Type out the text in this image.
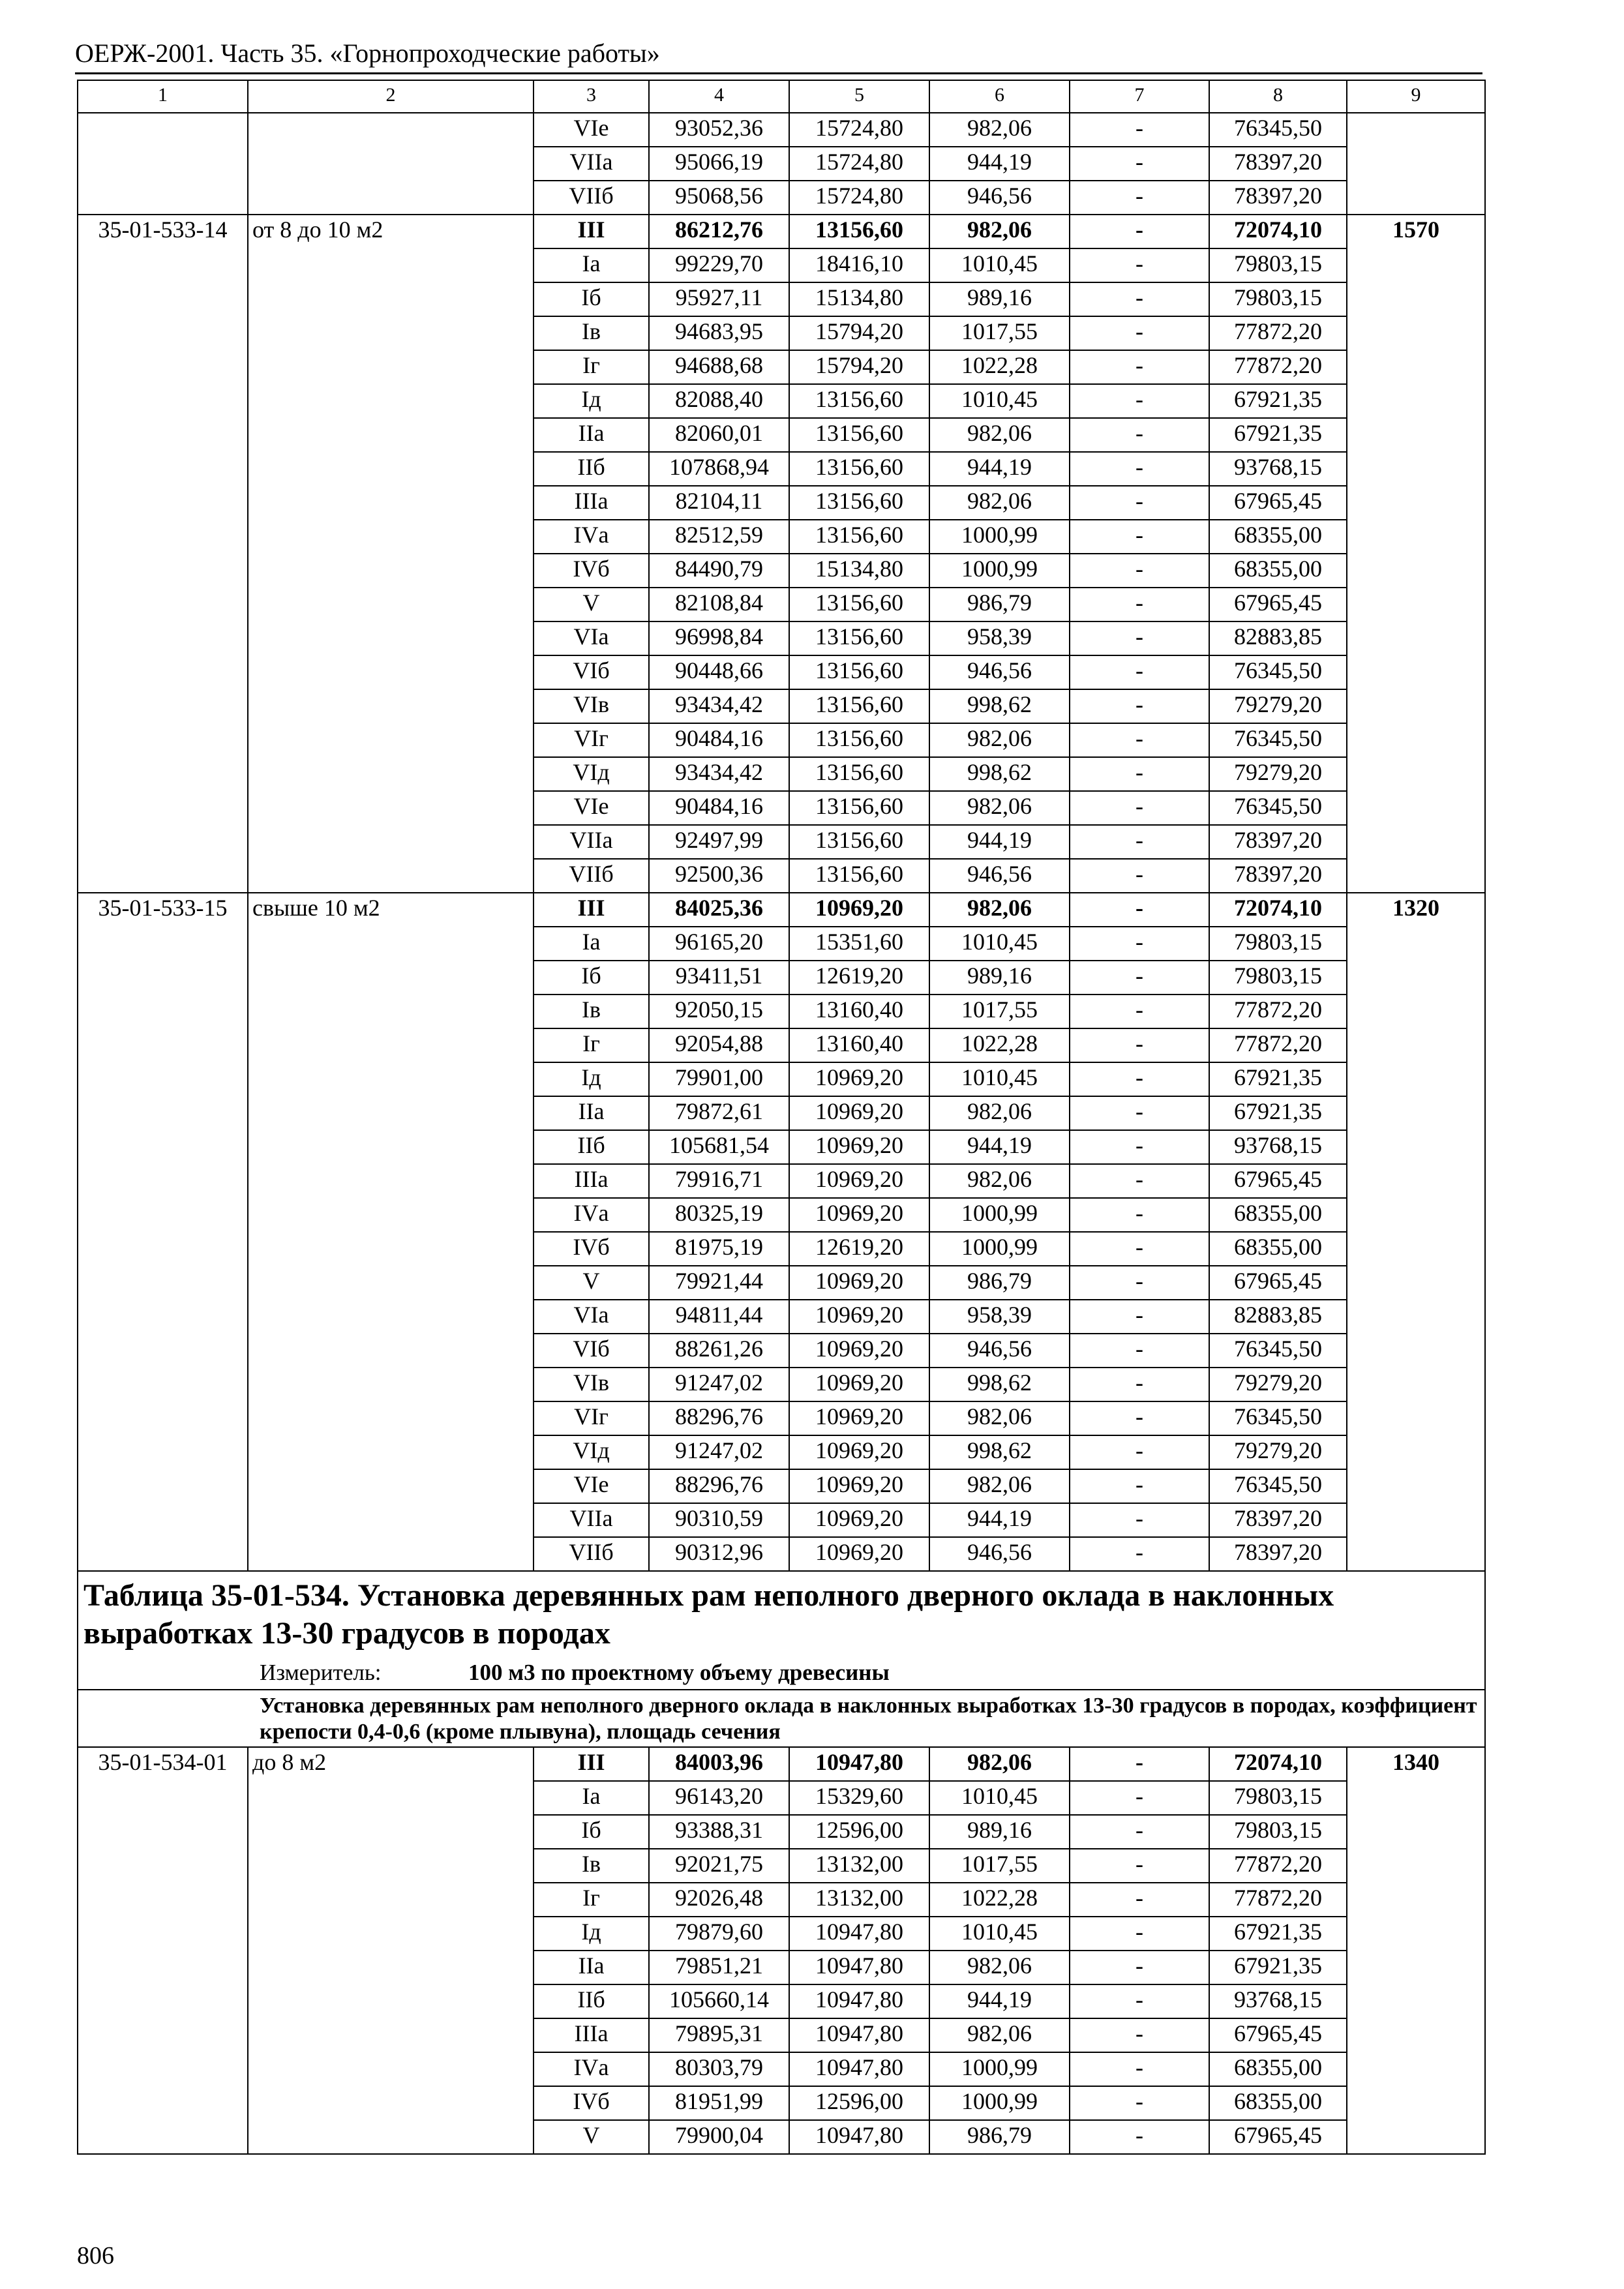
ОЕРЖ-2001. Часть 35. «Горнопроходческие работы»
1	2	3	4	5	6	7	8	9
		VIе	93052,36	15724,80	982,06	-	76345,50	
		VIIа	95066,19	15724,80	944,19	-	78397,20	
		VIIб	95068,56	15724,80	946,56	-	78397,20	
35-01-533-14	от 8 до 10 м2	III	86212,76	13156,60	982,06	-	72074,10	1570
		Iа	99229,70	18416,10	1010,45	-	79803,15	
		Iб	95927,11	15134,80	989,16	-	79803,15	
		Iв	94683,95	15794,20	1017,55	-	77872,20	
		Iг	94688,68	15794,20	1022,28	-	77872,20	
		Iд	82088,40	13156,60	1010,45	-	67921,35	
		IIа	82060,01	13156,60	982,06	-	67921,35	
		IIб	107868,94	13156,60	944,19	-	93768,15	
		IIIа	82104,11	13156,60	982,06	-	67965,45	
		IVа	82512,59	13156,60	1000,99	-	68355,00	
		IVб	84490,79	15134,80	1000,99	-	68355,00	
		V	82108,84	13156,60	986,79	-	67965,45	
		VIа	96998,84	13156,60	958,39	-	82883,85	
		VIб	90448,66	13156,60	946,56	-	76345,50	
		VIв	93434,42	13156,60	998,62	-	79279,20	
		VIг	90484,16	13156,60	982,06	-	76345,50	
		VIд	93434,42	13156,60	998,62	-	79279,20	
		VIе	90484,16	13156,60	982,06	-	76345,50	
		VIIа	92497,99	13156,60	944,19	-	78397,20	
		VIIб	92500,36	13156,60	946,56	-	78397,20	
35-01-533-15	свыше 10 м2	III	84025,36	10969,20	982,06	-	72074,10	1320
		Iа	96165,20	15351,60	1010,45	-	79803,15	
		Iб	93411,51	12619,20	989,16	-	79803,15	
		Iв	92050,15	13160,40	1017,55	-	77872,20	
		Iг	92054,88	13160,40	1022,28	-	77872,20	
		Iд	79901,00	10969,20	1010,45	-	67921,35	
		IIа	79872,61	10969,20	982,06	-	67921,35	
		IIб	105681,54	10969,20	944,19	-	93768,15	
		IIIа	79916,71	10969,20	982,06	-	67965,45	
		IVа	80325,19	10969,20	1000,99	-	68355,00	
		IVб	81975,19	12619,20	1000,99	-	68355,00	
		V	79921,44	10969,20	986,79	-	67965,45	
		VIа	94811,44	10969,20	958,39	-	82883,85	
		VIб	88261,26	10969,20	946,56	-	76345,50	
		VIв	91247,02	10969,20	998,62	-	79279,20	
		VIг	88296,76	10969,20	982,06	-	76345,50	
		VIд	91247,02	10969,20	998,62	-	79279,20	
		VIе	88296,76	10969,20	982,06	-	76345,50	
		VIIа	90310,59	10969,20	944,19	-	78397,20	
		VIIб	90312,96	10969,20	946,56	-	78397,20	

Таблица 35-01-534. Установка деревянных рам неполного дверного оклада в наклонных выработках 13-30 градусов в породах
Измеритель: 100 м3 по проектному объему древесины								

Установка деревянных рам неполного дверного оклада в наклонных выработках 13-30 градусов в породах, коэффициент крепости 0,4-0,6 (кроме плывуна), площадь сечения								
35-01-534-01	до 8 м2	III	84003,96	10947,80	982,06	-	72074,10	1340
		Iа	96143,20	15329,60	1010,45	-	79803,15	
		Iб	93388,31	12596,00	989,16	-	79803,15	
		Iв	92021,75	13132,00	1017,55	-	77872,20	
		Iг	92026,48	13132,00	1022,28	-	77872,20	
		Iд	79879,60	10947,80	1010,45	-	67921,35	
		IIа	79851,21	10947,80	982,06	-	67921,35	
		IIб	105660,14	10947,80	944,19	-	93768,15	
		IIIа	79895,31	10947,80	982,06	-	67965,45	
		IVа	80303,79	10947,80	1000,99	-	68355,00	
		IVб	81951,99	12596,00	1000,99	-	68355,00	
		V	79900,04	10947,80	986,79	-	67965,45	
806
